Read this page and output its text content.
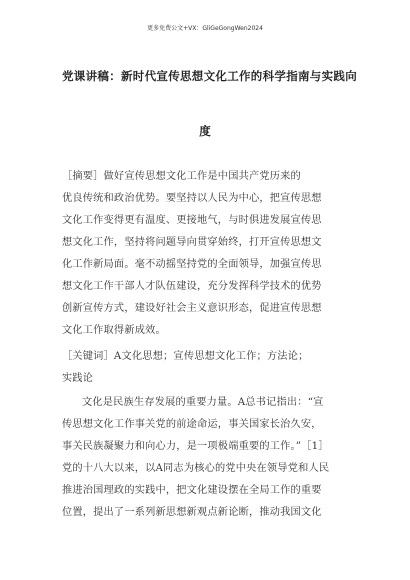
更多免费公文+VX：GliGeGongWen2024
党课讲稿：新时代宣传思想文化工作的科学指南与实践向
度
［摘要］做好宣传思想文化工作是中国共产党历来的
优良传统和政治优势。要坚持以人民为中心，把宣传思想
文化工作变得更有温度、更接地气，与时俱进发展宣传思
想文化工作，坚持将问题导向贯穿始终，打开宣传思想文
化工作新局面。毫不动摇坚持党的全面领导，加强宣传思
想文化工作干部人才队伍建设，充分发挥科学技术的优势
创新宣传方式，建设好社会主义意识形态，促进宣传思想
文化工作取得新成效。
［关键词］A文化思想；宣传思想文化工作；方法论；
实践论
文化是民族生存发展的重要力量。A总书记指出：“宣
传思想文化工作事关党的前途命运，事关国家长治久安，
事关民族凝聚力和向心力，是一项极端重要的工作。”［1］
党的十八大以来，以A同志为核心的党中央在领导党和人民
推进治国理政的实践中，把文化建设摆在全局工作的重要
位置，提出了一系列新思想新观点新论断，推动我国文化
